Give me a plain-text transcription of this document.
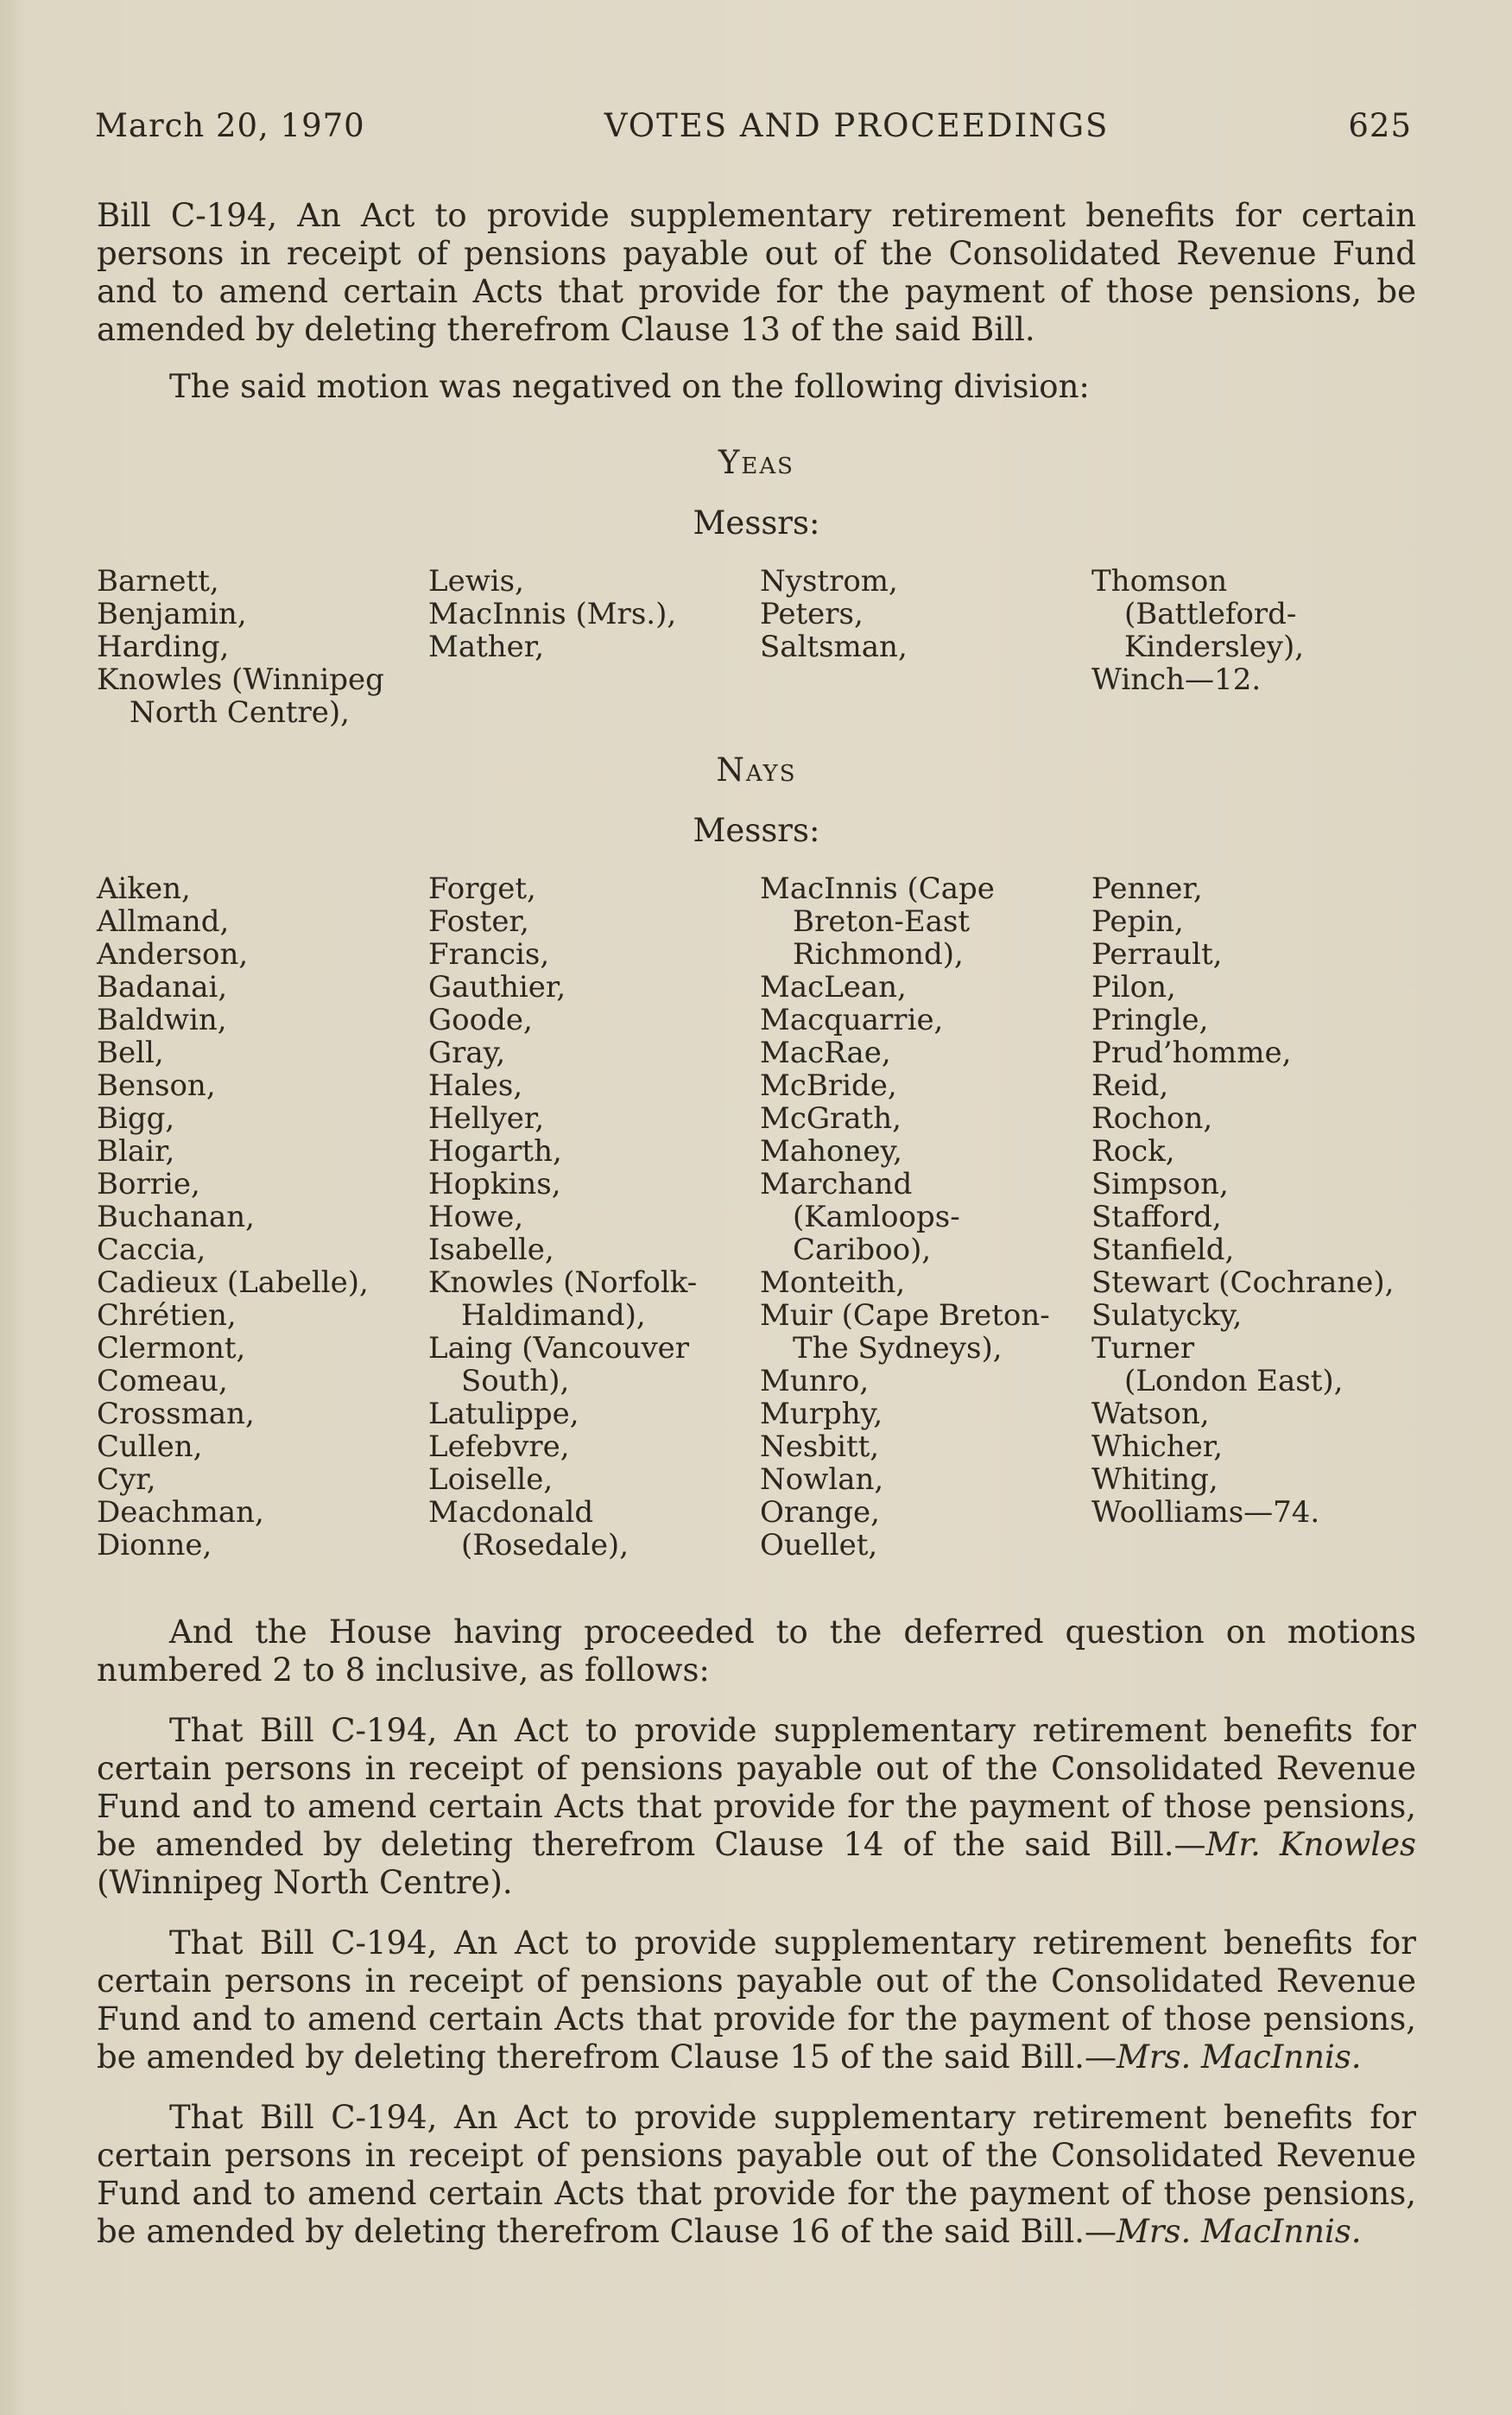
March 20, 1970	VOTES AND PROCEEDINGS	625

Bill C-194, An Act to provide supplementary retirement benefits for certain persons in receipt of pensions payable out of the Consolidated Revenue Fund and to amend certain Acts that provide for the payment of those pensions, be amended by deleting therefrom Clause 13 of the said Bill.

The said motion was negatived on the following division:

Yeas

Messrs:

Barnett,
Benjamin,
Harding,
Knowles (Winnipeg
North Centre),
Lewis,
MacInnis (Mrs.),
Mather,
Nystrom,
Peters,
Saltsman,
Thomson
(Battleford-
Kindersley),
Winch—12.

Nays

Messrs:

Aiken,
Allmand,
Anderson,
Badanai,
Baldwin,
Bell,
Benson,
Bigg,
Blair,
Borrie,
Buchanan,
Caccia,
Cadieux (Labelle),
Chrétien,
Clermont,
Comeau,
Crossman,
Cullen,
Cyr,
Deachman,
Dionne,
Forget,
Foster,
Francis,
Gauthier,
Goode,
Gray,
Hales,
Hellyer,
Hogarth,
Hopkins,
Howe,
Isabelle,
Knowles (Norfolk-
Haldimand),
Laing (Vancouver
South),
Latulippe,
Lefebvre,
Loiselle,
Macdonald
(Rosedale),
MacInnis (Cape
Breton-East
Richmond),
MacLean,
Macquarrie,
MacRae,
McBride,
McGrath,
Mahoney,
Marchand
(Kamloops-
Cariboo),
Monteith,
Muir (Cape Breton-
The Sydneys),
Munro,
Murphy,
Nesbitt,
Nowlan,
Orange,
Ouellet,
Penner,
Pepin,
Perrault,
Pilon,
Pringle,
Prud’homme,
Reid,
Rochon,
Rock,
Simpson,
Stafford,
Stanfield,
Stewart (Cochrane),
Sulatycky,
Turner
(London East),
Watson,
Whicher,
Whiting,
Woolliams—74.

And the House having proceeded to the deferred question on motions numbered 2 to 8 inclusive, as follows:

That Bill C-194, An Act to provide supplementary retirement benefits for certain persons in receipt of pensions payable out of the Consolidated Revenue Fund and to amend certain Acts that provide for the payment of those pensions, be amended by deleting therefrom Clause 14 of the said Bill.—Mr. Knowles (Winnipeg North Centre).

That Bill C-194, An Act to provide supplementary retirement benefits for certain persons in receipt of pensions payable out of the Consolidated Revenue Fund and to amend certain Acts that provide for the payment of those pensions, be amended by deleting therefrom Clause 15 of the said Bill.—Mrs. MacInnis.

That Bill C-194, An Act to provide supplementary retirement benefits for certain persons in receipt of pensions payable out of the Consolidated Revenue Fund and to amend certain Acts that provide for the payment of those pensions, be amended by deleting therefrom Clause 16 of the said Bill.—Mrs. MacInnis.
